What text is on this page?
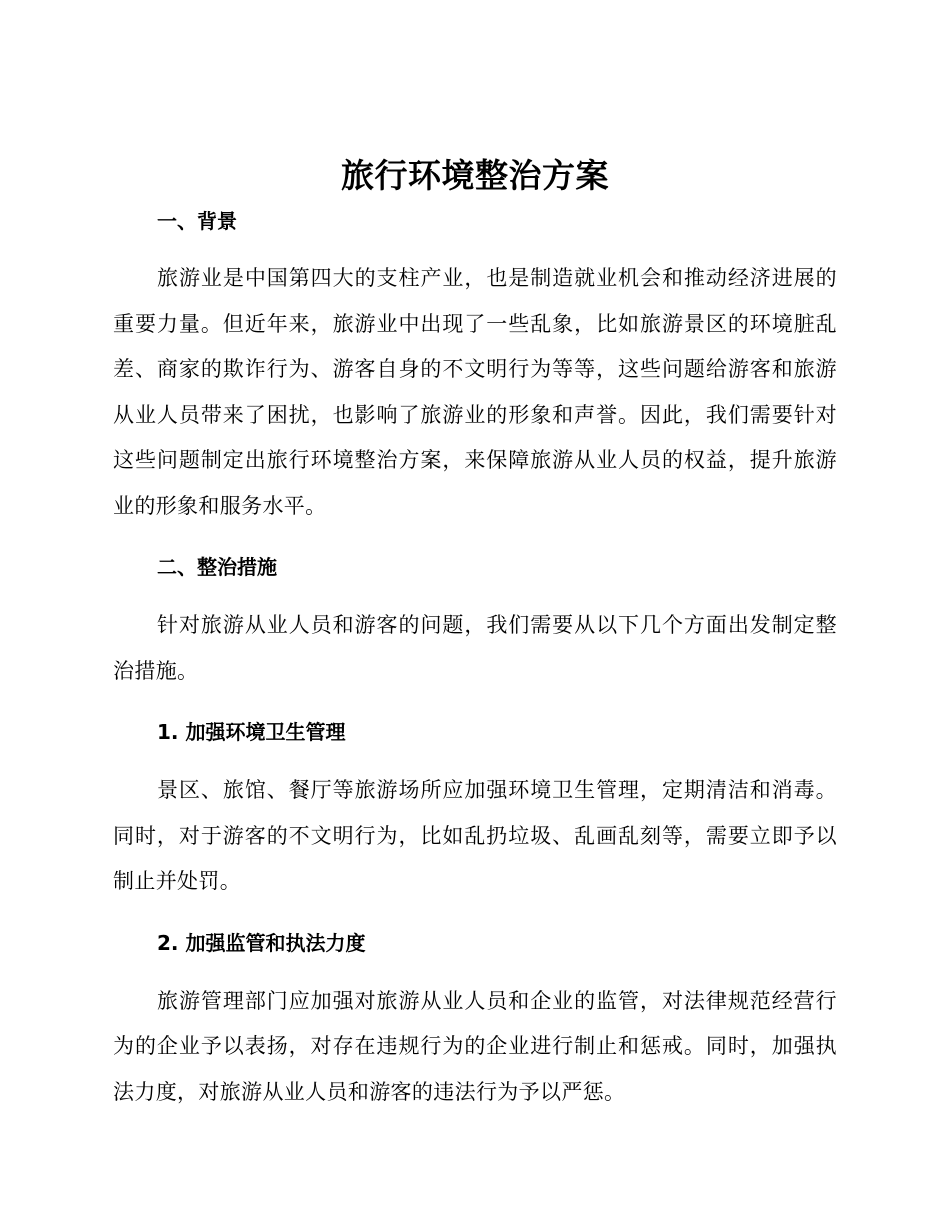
旅行环境整治方案
一、背景

旅游业是中国第四大的支柱产业，也是制造就业机会和推动经济进展的重要力量。但近年来，旅游业中出现了一些乱象，比如旅游景区的环境脏乱差、商家的欺诈行为、游客自身的不文明行为等等，这些问题给游客和旅游从业人员带来了困扰，也影响了旅游业的形象和声誉。因此，我们需要针对这些问题制定出旅行环境整治方案，来保障旅游从业人员的权益，提升旅游业的形象和服务水平。

二、整治措施

针对旅游从业人员和游客的问题，我们需要从以下几个方面出发制定整治措施。

1. 加强环境卫生管理

景区、旅馆、餐厅等旅游场所应加强环境卫生管理，定期清洁和消毒。同时，对于游客的不文明行为，比如乱扔垃圾、乱画乱刻等，需要立即予以制止并处罚。

2. 加强监管和执法力度

旅游管理部门应加强对旅游从业人员和企业的监管，对法律规范经营行为的企业予以表扬，对存在违规行为的企业进行制止和惩戒。同时，加强执法力度，对旅游从业人员和游客的违法行为予以严惩。
